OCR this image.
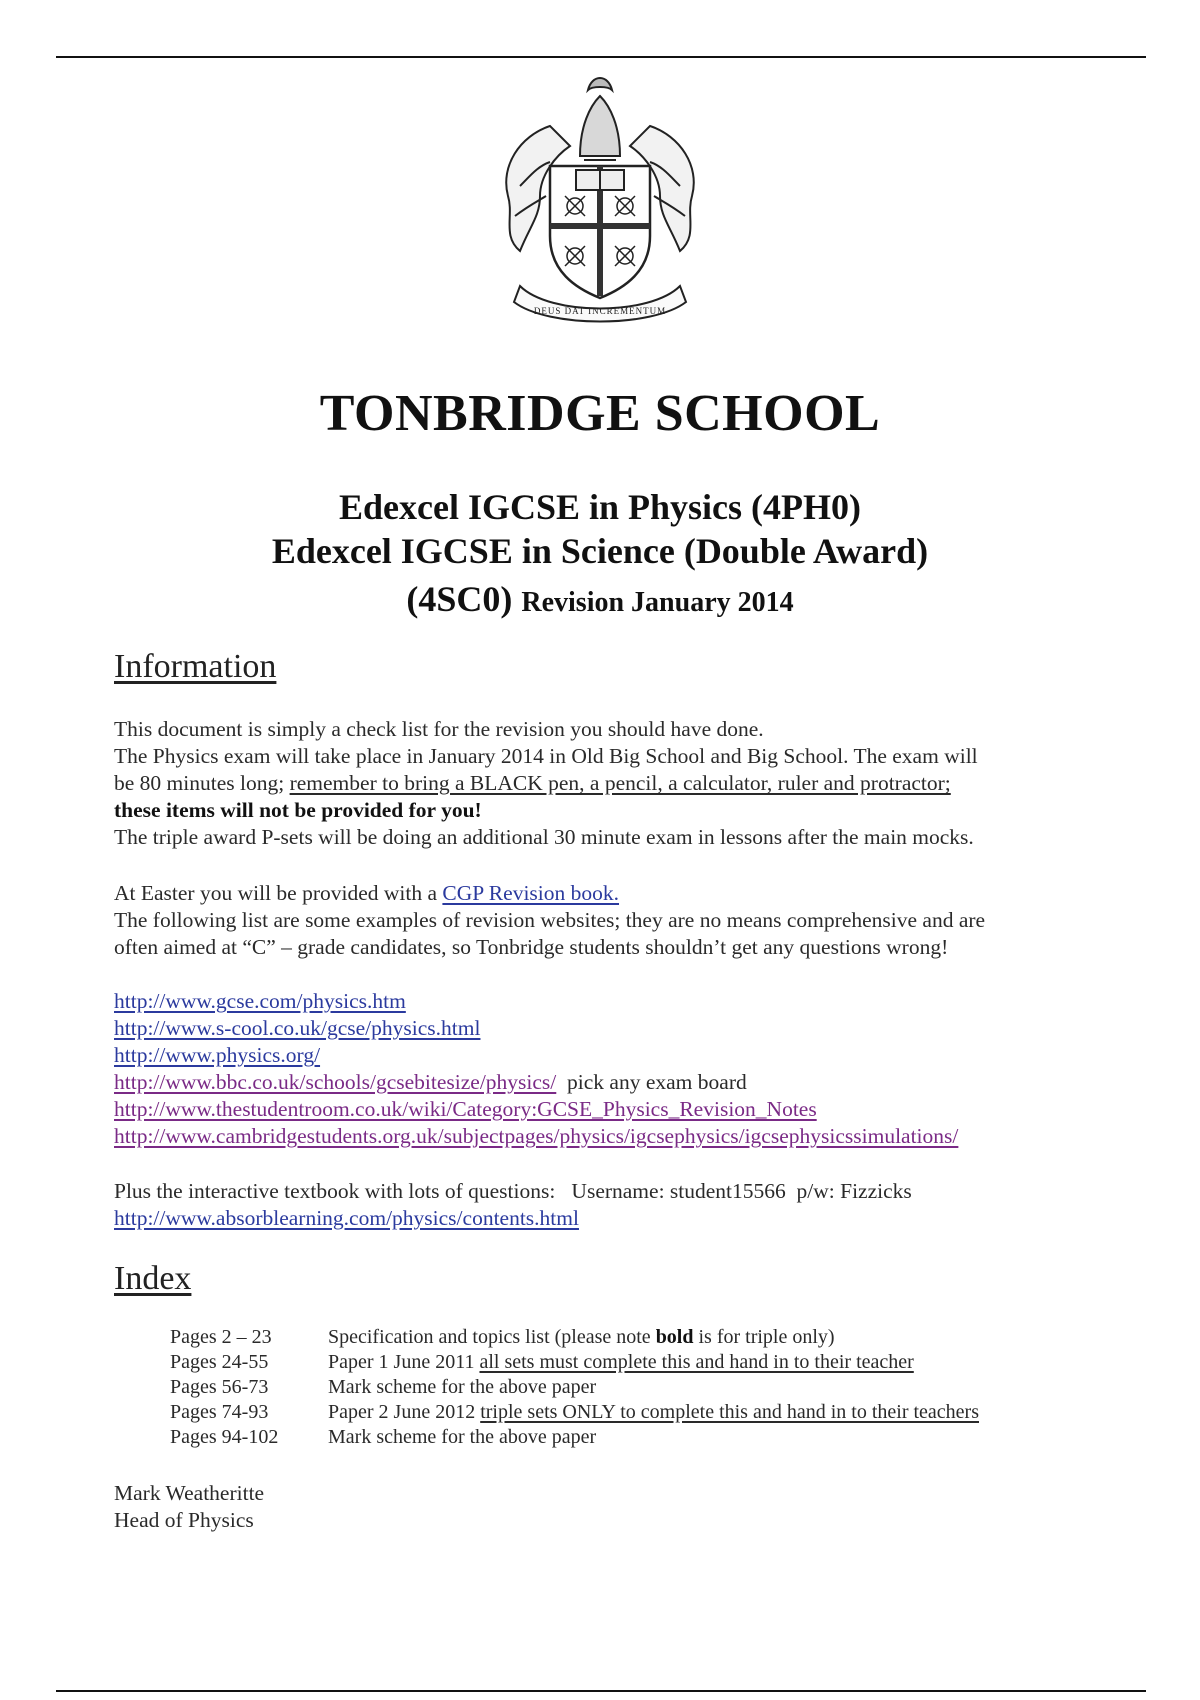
DEUS DAT INCREMENTUM
TONBRIDGE SCHOOL
Edexcel IGCSE in Physics (4PH0)
Edexcel IGCSE in Science (Double Award)
(4SC0) Revision January 2014
Information
This document is simply a check list for the revision you should have done.
The Physics exam will take place in January 2014 in Old Big School and Big School. The exam will
be 80 minutes long; remember to bring a BLACK pen, a pencil, a calculator, ruler and protractor;
these items will not be provided for you!
The triple award P-sets will be doing an additional 30 minute exam in lessons after the main mocks.
At Easter you will be provided with a CGP Revision book.
The following list are some examples of revision websites; they are no means comprehensive and are
often aimed at “C” – grade candidates, so Tonbridge students shouldn’t get any questions wrong!
http://www.gcse.com/physics.htm
http://www.s-cool.co.uk/gcse/physics.html
http://www.physics.org/
http://www.bbc.co.uk/schools/gcsebitesize/physics/ pick any exam board
http://www.thestudentroom.co.uk/wiki/Category:GCSE_Physics_Revision_Notes
http://www.cambridgestudents.org.uk/subjectpages/physics/igcsephysics/igcsephysicssimulations/
Plus the interactive textbook with lots of questions:   Username: student15566  p/w: Fizzicks
http://www.absorblearning.com/physics/contents.html
Index
Pages 2 – 23	Specification and topics list (please note bold is for triple only)
Pages 24-55	Paper 1 June 2011 all sets must complete this and hand in to their teacher
Pages 56-73	Mark scheme for the above paper
Pages 74-93	Paper 2 June 2012 triple sets ONLY to complete this and hand in to their teachers
Pages 94-102	Mark scheme for the above paper
Mark Weatheritte
Head of Physics
